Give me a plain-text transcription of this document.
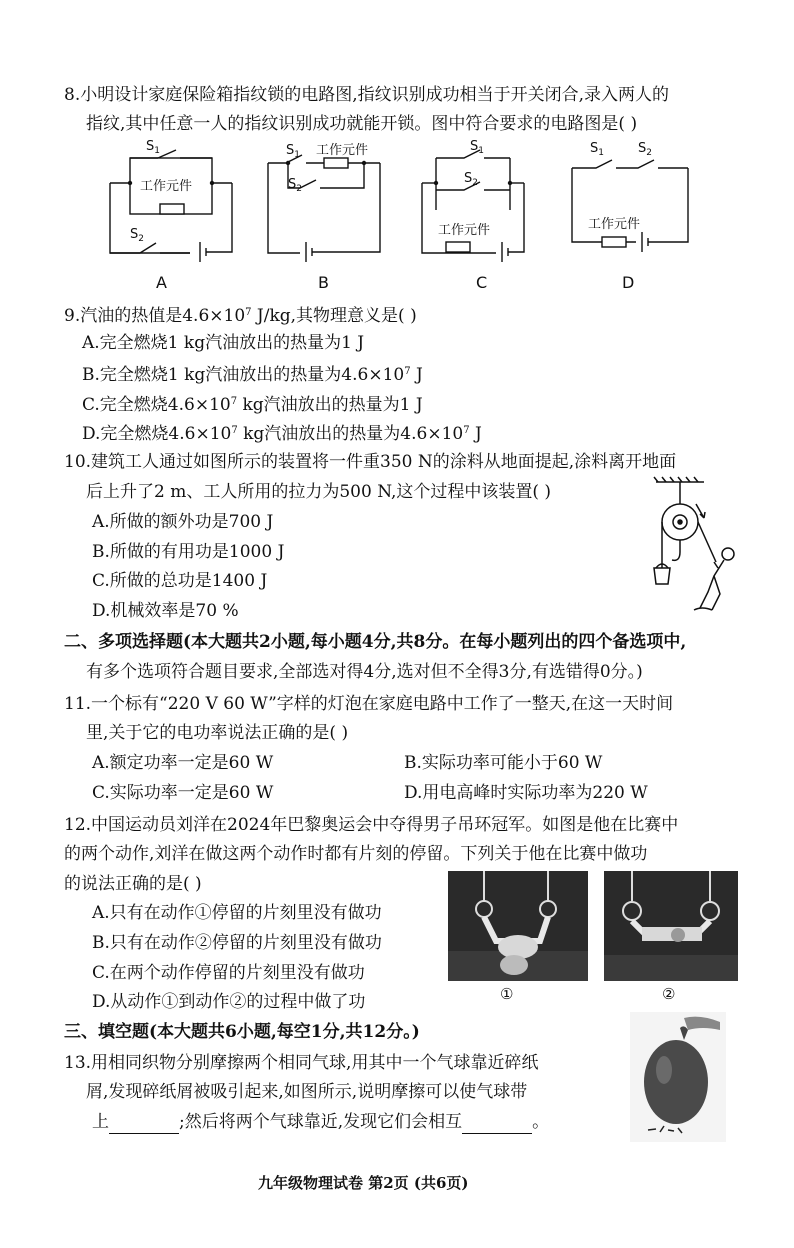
8.小明设计家庭保险箱指纹锁的电路图,指纹识别成功相当于开关闭合,录入两人的
指纹,其中任意一人的指纹识别成功就能开锁。图中符合要求的电路图是( )
$S_1$
工作元件
$S_2$
$S_1$ 工作元件
$S_2$
$S_1$
$S_2$
工作元件
$S_1$	$S_2$
工作元件
A	B	C	D
9.汽油的热值是$4.6\times 10^7$ J/kg,其物理意义是( )
A.完全燃烧1 kg汽油放出的热量为1 J
B.完全燃烧1 kg汽油放出的热量为$4.6\times 10^7$ J
C.完全燃烧$4.6\times 10^7$ kg汽油放出的热量为1 J
D.完全燃烧$4.6\times 10^7$ kg汽油放出的热量为$4.6\times 10^7$ J
10.建筑工人通过如图所示的装置将一件重350 N的涂料从地面提起,涂料离开地面
后上升了2 m、工人所用的拉力为500 N,这个过程中该装置( )
A.所做的额外功是700 J
B.所做的有用功是1000 J
C.所做的总功是1400 J
D.机械效率是70 %
二、多项选择题(本大题共2小题,每小题4分,共8分。在每小题列出的四个备选项中,
有多个选项符合题目要求,全部选对得4分,选对但不全得3分,有选错得0分。)
11.一个标有“220 V 60 W”字样的灯泡在家庭电路中工作了一整天,在这一天时间
里,关于它的电功率说法正确的是( )
A.额定功率一定是60 W	B.实际功率可能小于60 W
C.实际功率一定是60 W	D.用电高峰时实际功率为220 W
12.中国运动员刘洋在2024年巴黎奥运会中夺得男子吊环冠军。如图是他在比赛中
的两个动作,刘洋在做这两个动作时都有片刻的停留。下列关于他在比赛中做功
的说法正确的是( )
A.只有在动作①停留的片刻里没有做功
B.只有在动作②停留的片刻里没有做功
C.在两个动作停留的片刻里没有做功
D.从动作①到动作②的过程中做了功	①	②
三、填空题(本大题共6小题,每空1分,共12分。)
13.用相同织物分别摩擦两个相同气球,用其中一个气球靠近碎纸
屑,发现碎纸屑被吸引起来,如图所示,说明摩擦可以使气球带
上	;然后将两个气球靠近,发现它们会相互	。
九年级物理试卷 第2页 (共6页)
